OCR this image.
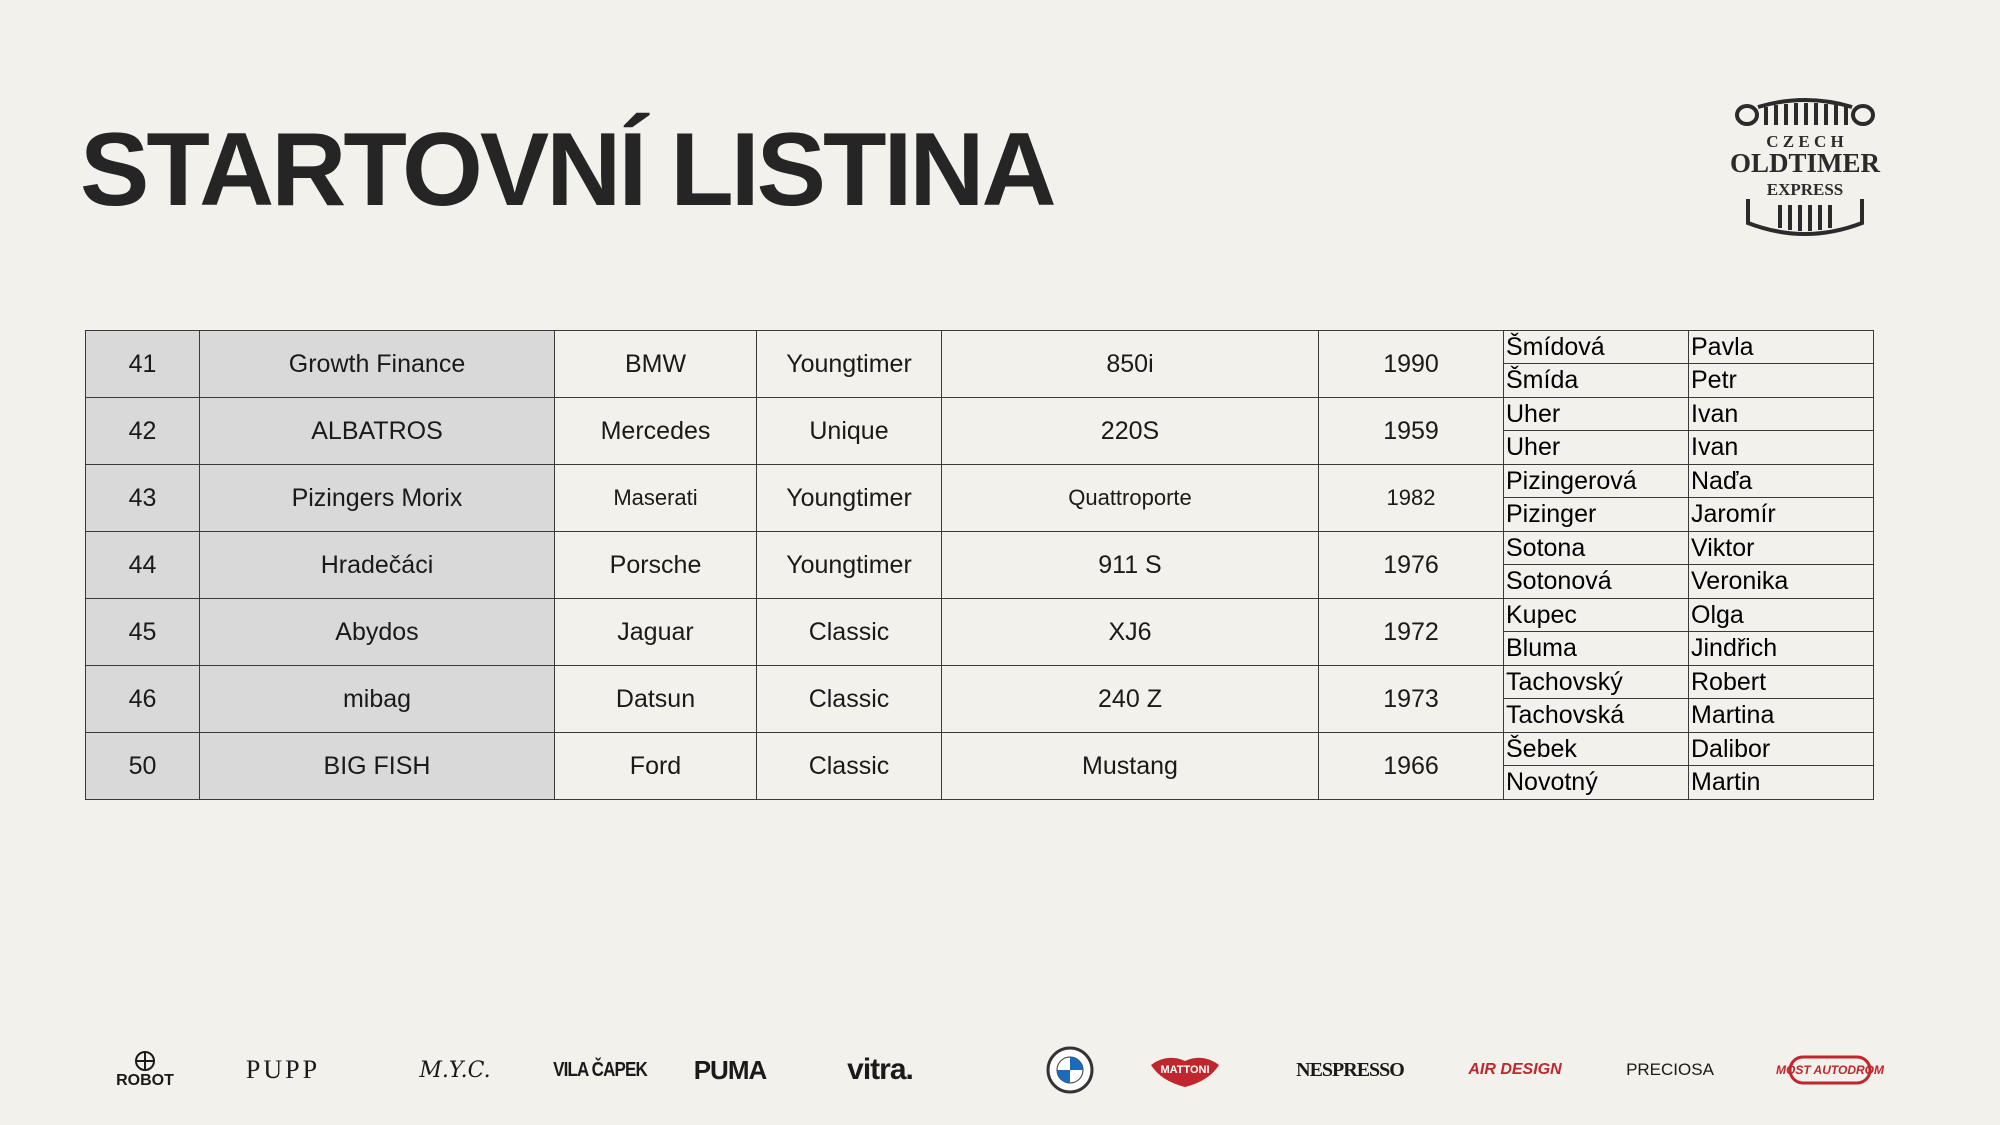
STARTOVNÍ LISTINA	C Z E C H
OLDTIMER
EXPRESS
41	Growth Finance	BMW	Youngtimer	850i	1990	Šmídová Pavla
Šmída Petr

42	ALBATROS	Mercedes	Unique	220S	1959	Uher Ivan
Uher Ivan

43	Pizingers Morix	Maserati	Youngtimer	Quattroporte	1982	Pizingerová Naďa
Pizinger Jaromír

44	Hradečáci	Porsche	Youngtimer	911 S	1976	Sotona Viktor
Sotonová Veronika

45	Abydos	Jaguar	Classic	XJ6	1972	Kupec Olga
Bluma Jindřich

46	mibag	Datsun	Classic	240 Z	1973	Tachovský Robert
Tachovská Martina

50	BIG FISH	Ford	Classic	Mustang	1966	Šebek Dalibor
Novotný Martin
ROBOT	PUPP	M.Y.C.	VILA ČAPEK PUMA	vitra.	MATTONI	NESPRESSO	AIR DESIGN	PRECIOSA	MOST AUTODROM
